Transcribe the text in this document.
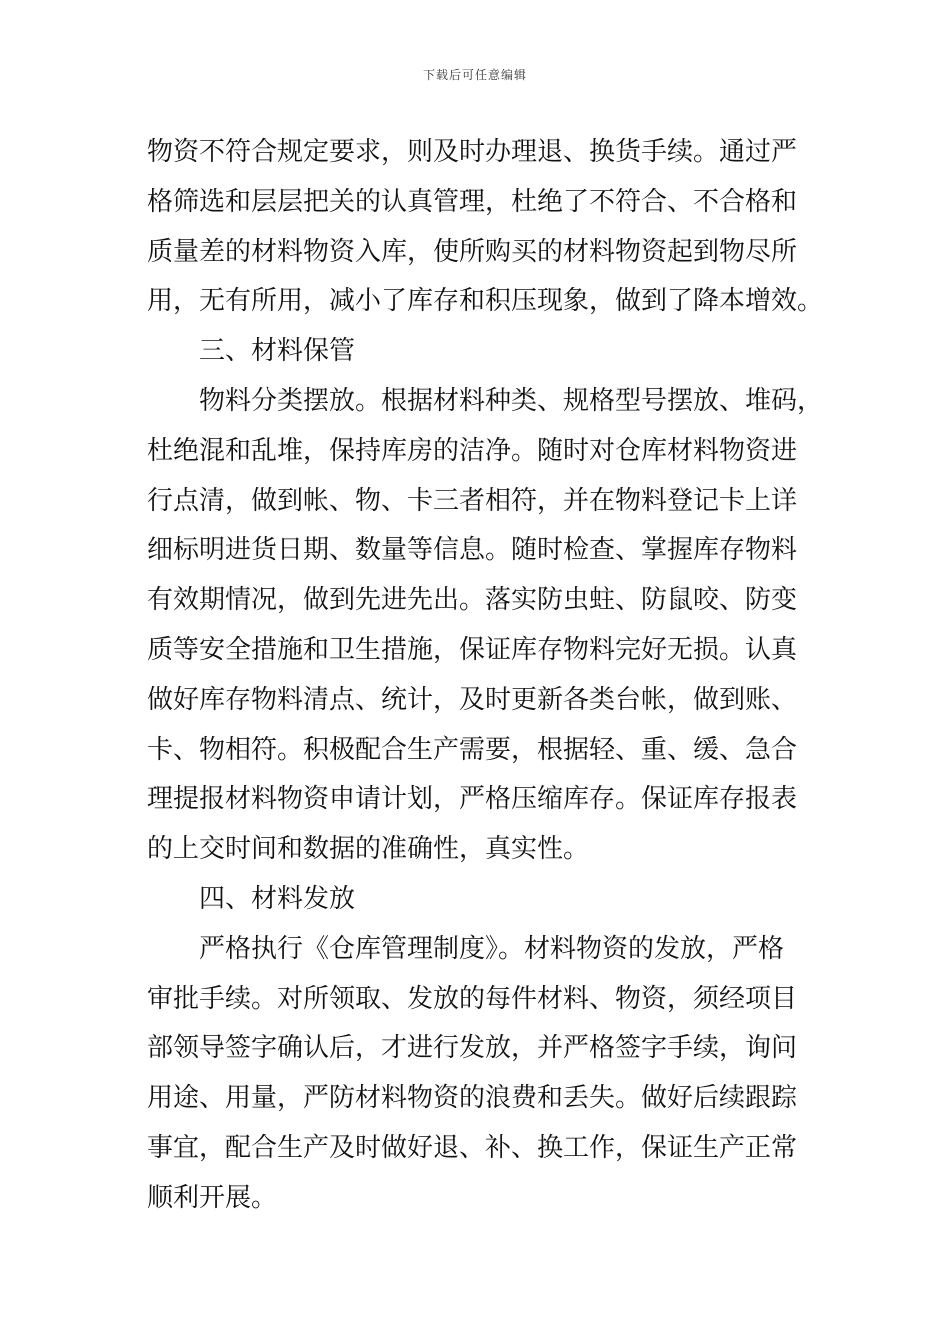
下载后可任意编辑
物资不符合规定要求，则及时办理退、换货手续。通过严
格筛选和层层把关的认真管理，杜绝了不符合、不合格和
质量差的材料物资入库，使所购买的材料物资起到物尽所
用，无有所用，减小了库存和积压现象，做到了降本增效。
三、材料保管
物料分类摆放。根据材料种类、规格型号摆放、堆码，
杜绝混和乱堆，保持库房的洁净。随时对仓库材料物资进
行点清，做到帐、物、卡三者相符，并在物料登记卡上详
细标明进货日期、数量等信息。随时检查、掌握库存物料
有效期情况，做到先进先出。落实防虫蛀、防鼠咬、防变
质等安全措施和卫生措施，保证库存物料完好无损。认真
做好库存物料清点、统计，及时更新各类台帐，做到账、
卡、物相符。积极配合生产需要，根据轻、重、缓、急合
理提报材料物资申请计划，严格压缩库存。保证库存报表
的上交时间和数据的准确性，真实性。
四、材料发放
严格执行《仓库管理制度》。材料物资的发放，严格
审批手续。对所领取、发放的每件材料、物资，须经项目
部领导签字确认后，才进行发放，并严格签字手续，询问
用途、用量，严防材料物资的浪费和丢失。做好后续跟踪
事宜，配合生产及时做好退、补、换工作，保证生产正常
顺利开展。
